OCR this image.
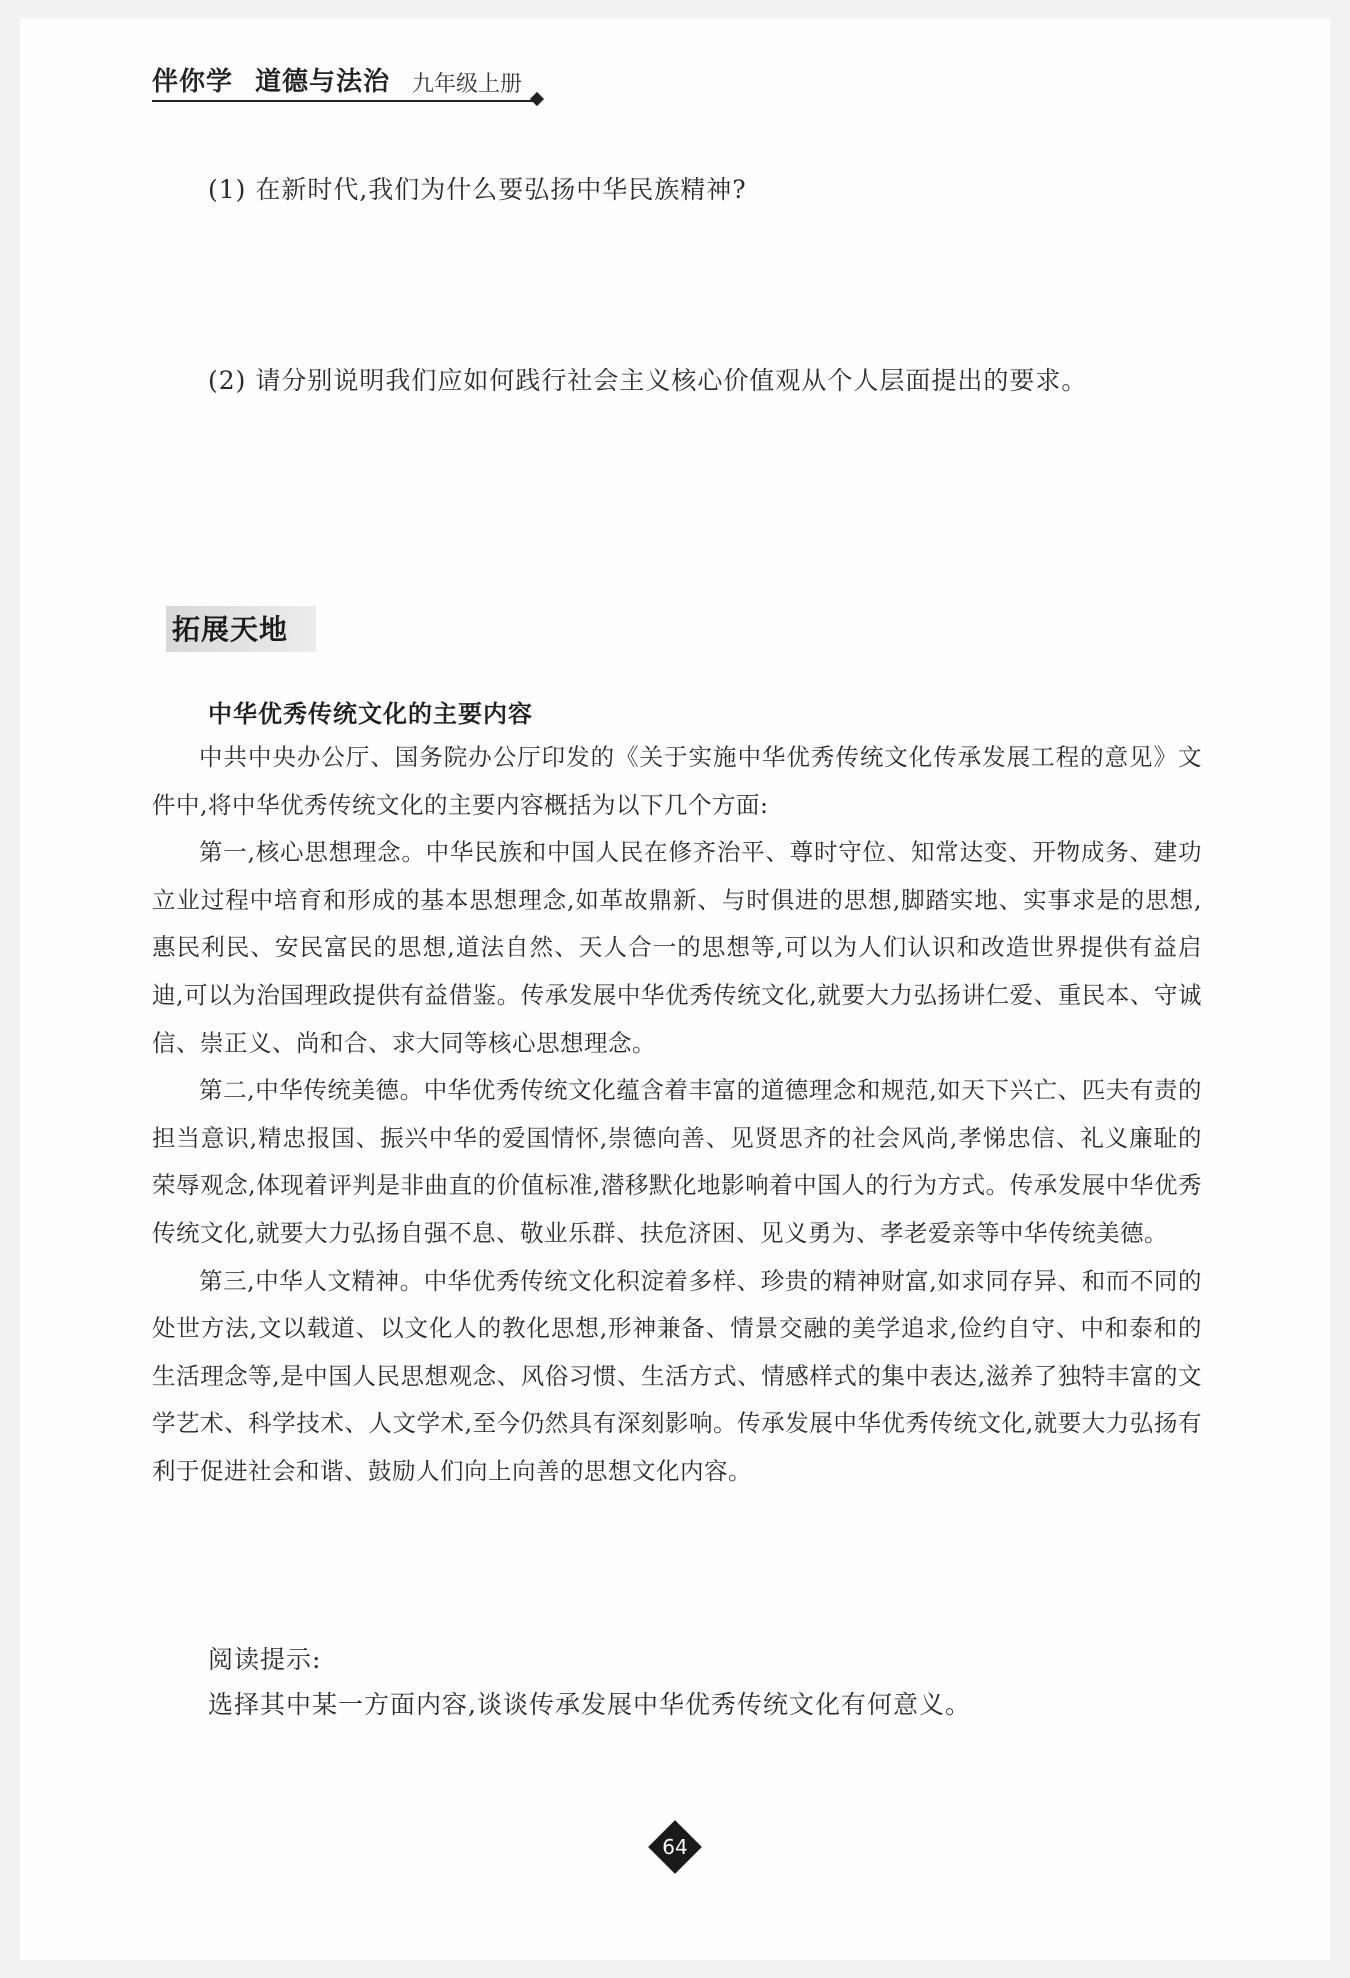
伴你学 道德与法治 九年级上册
(1) 在新时代,我们为什么要弘扬中华民族精神?
(2) 请分别说明我们应如何践行社会主义核心价值观从个人层面提出的要求。
拓展天地
中华优秀传统文化的主要内容

中共中央办公厅、国务院办公厅印发的《关于实施中华优秀传统文化传承发展工程的意见》文件中,将中华优秀传统文化的主要内容概括为以下几个方面:

第一,核心思想理念。中华民族和中国人民在修齐治平、尊时守位、知常达变、开物成务、建功立业过程中培育和形成的基本思想理念,如革故鼎新、与时俱进的思想,脚踏实地、实事求是的思想,惠民利民、安民富民的思想,道法自然、天人合一的思想等,可以为人们认识和改造世界提供有益启迪,可以为治国理政提供有益借鉴。传承发展中华优秀传统文化,就要大力弘扬讲仁爱、重民本、守诚信、崇正义、尚和合、求大同等核心思想理念。

第二,中华传统美德。中华优秀传统文化蕴含着丰富的道德理念和规范,如天下兴亡、匹夫有责的担当意识,精忠报国、振兴中华的爱国情怀,崇德向善、见贤思齐的社会风尚,孝悌忠信、礼义廉耻的荣辱观念,体现着评判是非曲直的价值标准,潜移默化地影响着中国人的行为方式。传承发展中华优秀传统文化,就要大力弘扬自强不息、敬业乐群、扶危济困、见义勇为、孝老爱亲等中华传统美德。

第三,中华人文精神。中华优秀传统文化积淀着多样、珍贵的精神财富,如求同存异、和而不同的处世方法,文以载道、以文化人的教化思想,形神兼备、情景交融的美学追求,俭约自守、中和泰和的生活理念等,是中国人民思想观念、风俗习惯、生活方式、情感样式的集中表达,滋养了独特丰富的文学艺术、科学技术、人文学术,至今仍然具有深刻影响。传承发展中华优秀传统文化,就要大力弘扬有利于促进社会和谐、鼓励人们向上向善的思想文化内容。

阅读提示:
选择其中某一方面内容,谈谈传承发展中华优秀传统文化有何意义。
64
